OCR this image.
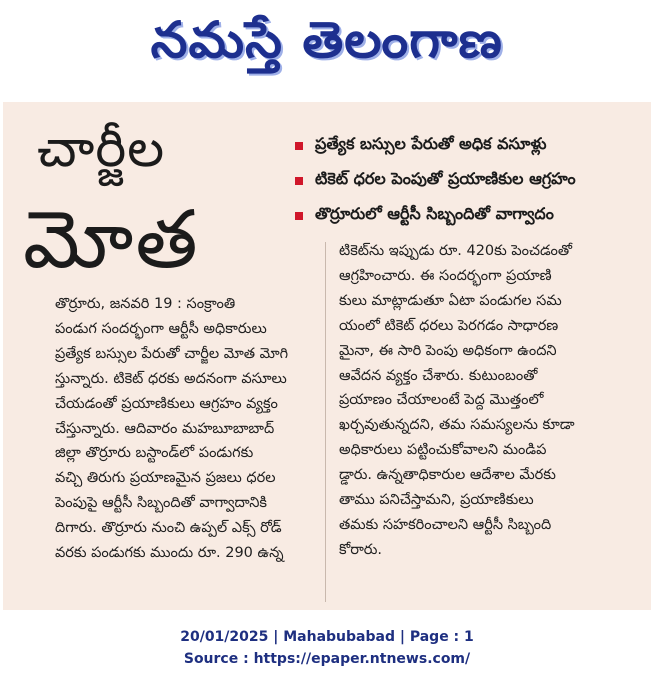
నమస్తే తెలంగాణ
చార్జీల
మోత
ప్రత్యేక బస్సుల పేరుతో అధిక వసూళ్లు
టికెట్ ధరల పెంపుతో ప్రయాణికుల ఆగ్రహం
తొర్రూరులో ఆర్టీసీ సిబ్బందితో వాగ్వాదం
తొర్రూరు, జనవరి 19 : సంక్రాంతి
పండుగ సందర్భంగా ఆర్టీసీ అధికారులు
ప్రత్యేక బస్సుల పేరుతో చార్జీల మోత మోగి
స్తున్నారు. టికెట్ ధరకు అదనంగా వసూలు
చేయడంతో ప్రయాణికులు ఆగ్రహం వ్యక్తం
చేస్తున్నారు. ఆదివారం మహబూబాబాద్
జిల్లా తొర్రూరు బస్టాండ్‌లో పండుగకు
వచ్చి తిరుగు ప్రయాణమైన ప్రజలు ధరల
పెంపుపై ఆర్టీసీ సిబ్బందితో వాగ్వాదానికి
దిగారు. తొర్రూరు నుంచి ఉప్పల్ ఎక్స్ రోడ్
వరకు పండుగకు ముందు రూ. 290 ఉన్న
టికెట్‌ను ఇప్పుడు రూ. 420కు పెంచడంతో
ఆగ్రహించారు. ఈ సందర్భంగా ప్రయాణి
కులు మాట్లాడుతూ ఏటా పండుగల సమ
యంలో టికెట్ ధరలు పెరగడం సాధారణ
మైనా, ఈ సారి పెంపు అధికంగా ఉందని
ఆవేదన వ్యక్తం చేశారు. కుటుంబంతో
ప్రయాణం చేయాలంటే పెద్ద మొత్తంలో
ఖర్చవుతున్నదని, తమ సమస్యలను కూడా
అధికారులు పట్టించుకోవాలని మండిప
డ్డారు. ఉన్నతాధికారుల ఆదేశాల మేరకు
తాము పనిచేస్తామని, ప్రయాణికులు
తమకు సహకరించాలని ఆర్టీసీ సిబ్బంది
కోరారు.
20/01/2025 | Mahabubabad | Page : 1
Source : https://epaper.ntnews.com/
